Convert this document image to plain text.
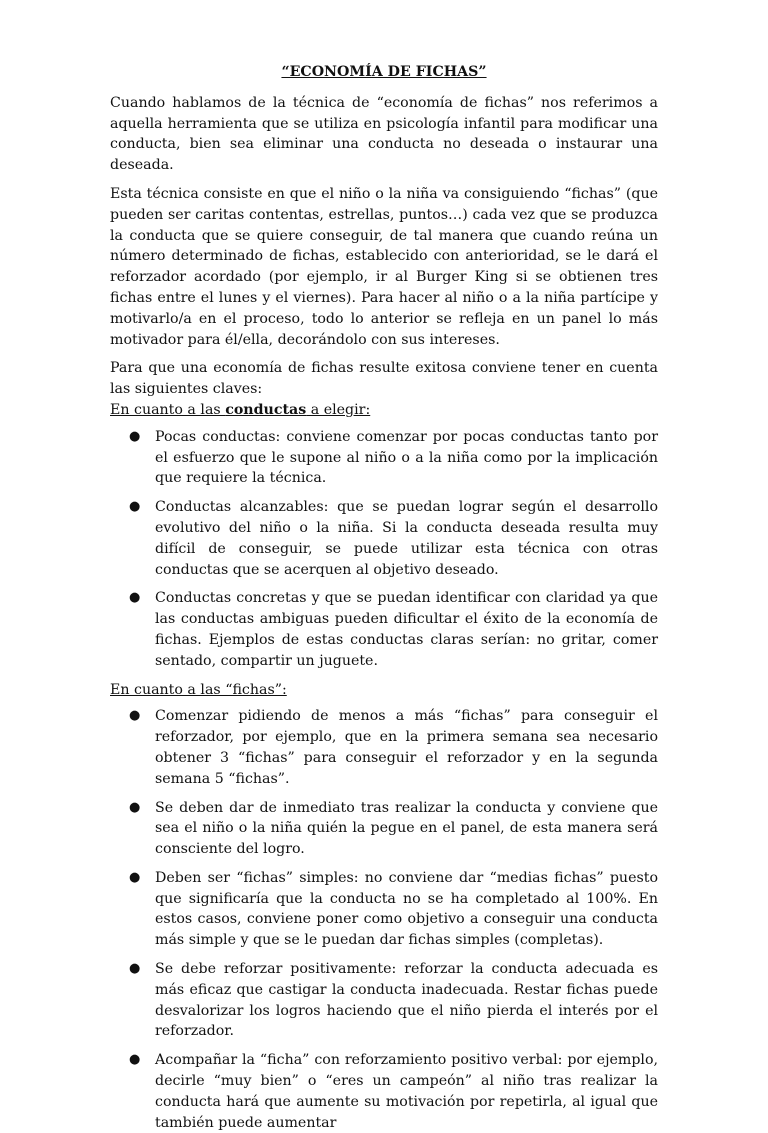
“ECONOMÍA DE FICHAS”

Cuando hablamos de la técnica de “economía de fichas” nos referimos a aquella herramienta que se utiliza en psicología infantil para modificar una conducta, bien sea eliminar una conducta no deseada o instaurar una deseada.

Esta técnica consiste en que el niño o la niña va consiguiendo “fichas” (que pueden ser caritas contentas, estrellas, puntos…) cada vez que se produzca la conducta que se quiere conseguir, de tal manera que cuando reúna un número determinado de fichas, establecido con anterioridad, se le dará el reforzador acordado (por ejemplo, ir al Burger King si se obtienen tres fichas entre el lunes y el viernes). Para hacer al niño o a la niña partícipe y motivarlo/a en el proceso, todo lo anterior se refleja en un panel lo más motivador para él/ella, decorándolo con sus intereses.

Para que una economía de fichas resulte exitosa conviene tener en cuenta las siguientes claves:

En cuanto a las conductas a elegir:
● Pocas conductas: conviene comenzar por pocas conductas tanto por el esfuerzo que le supone al niño o a la niña como por la implicación que requiere la técnica.
● Conductas alcanzables: que se puedan lograr según el desarrollo evolutivo del niño o la niña. Si la conducta deseada resulta muy difícil de conseguir, se puede utilizar esta técnica con otras conductas que se acerquen al objetivo deseado.
● Conductas concretas y que se puedan identificar con claridad ya que las conductas ambiguas pueden dificultar el éxito de la economía de fichas. Ejemplos de estas conductas claras serían: no gritar, comer sentado, compartir un juguete.
En cuanto a las “fichas”:
● Comenzar pidiendo de menos a más “fichas” para conseguir el reforzador, por ejemplo, que en la primera semana sea necesario obtener 3 “fichas” para conseguir el reforzador y en la segunda semana 5 “fichas”.
● Se deben dar de inmediato tras realizar la conducta y conviene que sea el niño o la niña quién la pegue en el panel, de esta manera será consciente del logro.
● Deben ser “fichas” simples: no conviene dar “medias fichas” puesto que significaría que la conducta no se ha completado al 100%. En estos casos, conviene poner como objetivo a conseguir una conducta más simple y que se le puedan dar fichas simples (completas).
● Se debe reforzar positivamente: reforzar la conducta adecuada es más eficaz que castigar la conducta inadecuada. Restar fichas puede desvalorizar los logros haciendo que el niño pierda el interés por el reforzador.
● Acompañar la “ficha” con reforzamiento positivo verbal: por ejemplo, decirle “muy bien” o “eres un campeón” al niño tras realizar la conducta hará que aumente su motivación por repetirla, al igual que también puede aumentar
